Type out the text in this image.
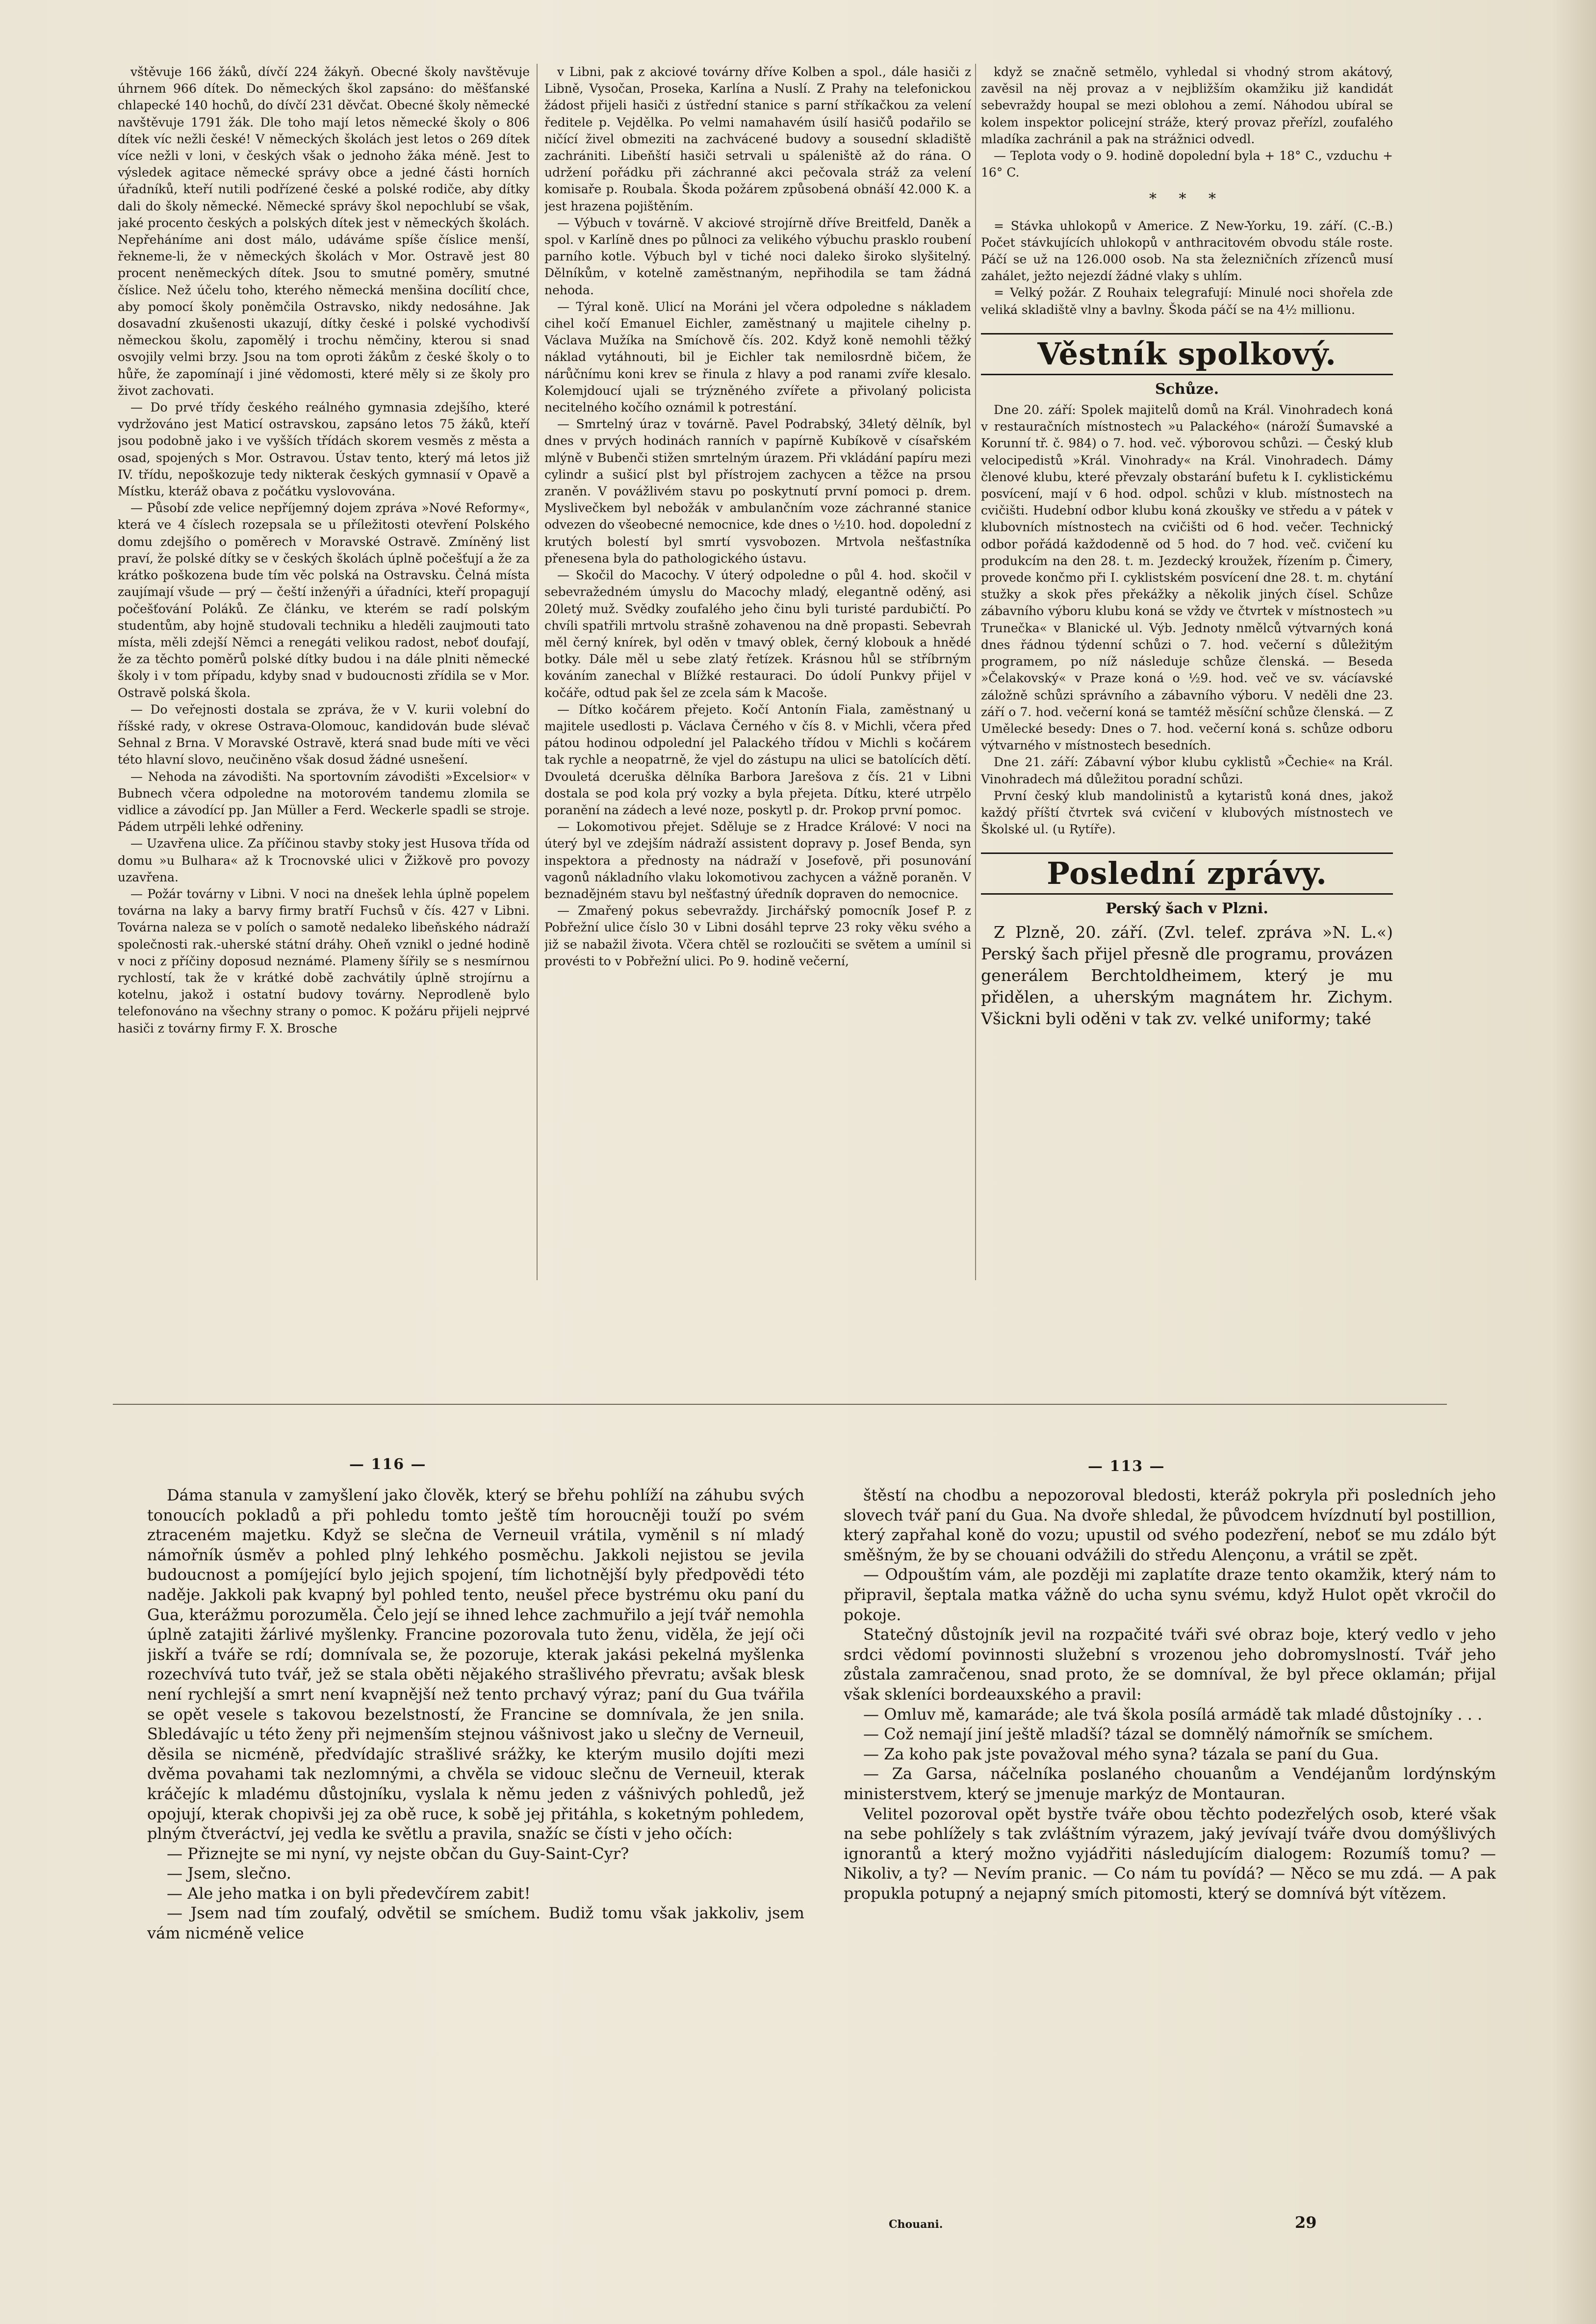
vštěvuje 166 žáků, dívčí 224 žákyň. Obecné školy navštěvuje úhrnem 966 dítek. Do německých škol zapsáno: do měšťanské chlapecké 140 hochů, do dívčí 231 děvčat. Obecné školy německé navštěvuje 1791 žák. Dle toho mají letos německé školy o 806 dítek víc nežli české! V německých školách jest letos o 269 dítek více nežli v loni, v českých však o jednoho žáka méně. Jest to výsledek agitace německé správy obce a jedné části horních úřadníků, kteří nutili podřízené české a polské rodiče, aby dítky dali do školy německé. Německé správy škol nepochlubí se však, jaké procento českých a polských dítek jest v německých školách. Nepřeháníme ani dost málo, udáváme spíše číslice menší, řekneme-li, že v německých školách v Mor. Ostravě jest 80 procent neněmeckých dítek. Jsou to smutné poměry, smutné číslice. Než účelu toho, kterého německá menšina docílití chce, aby pomocí školy poněmčila Ostravsko, nikdy nedosáhne. Jak dosavadní zkušenosti ukazují, dítky české i polské vychodivší německou školu, zapomělý i trochu němčiny, kterou si snad osvojily velmi brzy. Jsou na tom oproti žákům z české školy o to hůře, že zapomínají i jiné vědomosti, které měly si ze školy pro život zachovati.

— Do prvé třídy českého reálného gymnasia zdejšího, které vydržováno jest Maticí ostravskou, zapsáno letos 75 žáků, kteří jsou podobně jako i ve vyšších třídách skorem vesměs z města a osad, spojených s Mor. Ostravou. Ústav tento, který má letos již IV. třídu, nepoškozuje tedy nikterak českých gymnasií v Opavě a Místku, kteráž obava z počátku vyslovována.

— Působí zde velice nepříjemný dojem zpráva »Nové Reformy«, která ve 4 číslech rozepsala se u příležitosti otevření Polského domu zdejšího o poměrech v Moravské Ostravě. Zmíněný list praví, že polské dítky se v českých školách úplně počešťují a že za krátko poškozena bude tím věc polská na Ostravsku. Čelná místa zaujímají všude — prý — čeští inženýři a úřadníci, kteří propagují počešťování Poláků. Ze článku, ve kterém se radí polským studentům, aby hojně studovali techniku a hleděli zaujmouti tato místa, měli zdejší Němci a renegáti velikou radost, neboť doufají, že za těchto poměrů polské dítky budou i na dále plniti německé školy i v tom případu, kdyby snad v budoucnosti zřídila se v Mor. Ostravě polská škola.

— Do veřejnosti dostala se zpráva, že v V. kurii volební do říšské rady, v okrese Ostrava-Olomouc, kandidován bude slévač Sehnal z Brna. V Moravské Ostravě, která snad bude míti ve věci této hlavní slovo, neučiněno však dosud žádné usnešení.

— Nehoda na závodišti. Na sportovním závodišti »Excelsior« v Bubnech včera odpoledne na motorovém tandemu zlomila se vidlice a závodící pp. Jan Müller a Ferd. Weckerle spadli se stroje. Pádem utrpěli lehké odřeniny.

— Uzavřena ulice. Za příčinou stavby stoky jest Husova třída od domu »u Bulhara« až k Trocnovské ulici v Žižkově pro povozy uzavřena.

— Požár továrny v Libni. V noci na dnešek lehla úplně popelem továrna na laky a barvy firmy bratří Fuchsů v čís. 427 v Libni. Továrna naleza se v polích o samotě nedaleko libeňského nádraží společnosti rak.-uherské státní dráhy. Oheň vznikl o jedné hodině v noci z příčiny doposud neznámé. Plameny šířily se s nesmírnou rychlostí, tak že v krátké době zachvátily úplně strojírnu a kotelnu, jakož i ostatní budovy továrny. Neprodleně bylo telefonováno na všechny strany o pomoc. K požáru přijeli nejprvé hasiči z továrny firmy F. X. Brosche

v Libni, pak z akciové továrny dříve Kolben a spol., dále hasiči z Libně, Vysočan, Proseka, Karlína a Nuslí. Z Prahy na telefonickou žádost přijeli hasiči z ústřední stanice s parní stříkačkou za velení ředitele p. Vejdělka. Po velmi namahavém úsilí hasičů podařilo se ničící živel obmeziti na zachvácené budovy a sousední skladiště zachrániti. Libeňští hasiči setrvali u spáleniště až do rána. O udržení pořádku při záchranné akci pečovala stráž za velení komisaře p. Roubala. Škoda požárem způsobená obnáší 42.000 K. a jest hrazena pojištěním.

— Výbuch v továrně. V akciové strojírně dříve Breitfeld, Daněk a spol. v Karlíně dnes po půlnoci za velikého výbuchu prasklo roubení parního kotle. Výbuch byl v tiché noci daleko široko slyšitelný. Dělníkům, v kotelně zaměstnaným, nepřihodila se tam žádná nehoda.

— Týral koně. Ulicí na Moráni jel včera odpoledne s nákladem cihel kočí Emanuel Eichler, zaměstnaný u majitele cihelny p. Václava Mužíka na Smíchově čís. 202. Když koně nemohli těžký náklad vytáhnouti, bil je Eichler tak nemilosrdně bičem, že nárůčnímu koni krev se řinula z hlavy a pod ranami zvíře klesalo. Kolemjdoucí ujali se trýzněného zvířete a přivolaný policista necitelného kočího oznámil k potrestání.

— Smrtelný úraz v továrně. Pavel Podrabský, 34letý dělník, byl dnes v prvých hodinách ranních v papírně Kubíkově v císařském mlýně v Bubenči stižen smrtelným úrazem. Při vkládání papíru mezi cylindr a sušicí plst byl přístrojem zachycen a těžce na prsou zraněn. V povážlivém stavu po poskytnutí první pomoci p. drem. Myslivečkem byl nebožák v ambulančním voze záchranné stanice odvezen do všeobecné nemocnice, kde dnes o ½10. hod. dopolední z krutých bolestí byl smrtí vysvobozen. Mrtvola nešťastníka přenesena byla do pathologického ústavu.

— Skočil do Macochy. V úterý odpoledne o půl 4. hod. skočil v sebevražedném úmyslu do Macochy mladý, elegantně oděný, asi 20letý muž. Svědky zoufalého jeho činu byli turisté pardubičtí. Po chvíli spatřili mrtvolu strašně zohavenou na dně propasti. Sebevrah měl černý knírek, byl oděn v tmavý oblek, černý klobouk a hnědé botky. Dále měl u sebe zlatý řetízek. Krásnou hůl se stříbrným kováním zanechal v Blížké restauraci. Do údolí Punkvy přijel v kočáře, odtud pak šel ze zcela sám k Macoše.

— Dítko kočárem přejeto. Kočí Antonín Fiala, zaměstnaný u majitele usedlosti p. Václava Černého v čís 8. v Michli, včera před pátou hodinou odpolední jel Palackého třídou v Michli s kočárem tak rychle a neopatrně, že vjel do zástupu na ulici se batolících dětí. Dvouletá dceruška dělníka Barbora Jarešova z čís. 21 v Libni dostala se pod kola prý vozky a byla přejeta. Dítku, které utrpělo poranění na zádech a levé noze, poskytl p. dr. Prokop první pomoc.

— Lokomotivou přejet. Sděluje se z Hradce Králové: V noci na úterý byl ve zdejším nádraží assistent dopravy p. Josef Benda, syn inspektora a přednosty na nádraží v Josefově, při posunování vagonů nákladního vlaku lokomotivou zachycen a vážně poraněn. V beznadějném stavu byl nešťastný úředník dopraven do nemocnice.

— Zmařený pokus sebevraždy. Jirchářský pomocník Josef P. z Pobřežní ulice číslo 30 v Libni dosáhl teprve 23 roky věku svého a již se nabažil života. Včera chtěl se rozloučiti se světem a umínil si provésti to v Pobřežní ulici. Po 9. hodině večerní,

když se značně setmělo, vyhledal si vhodný strom akátový, zavěsil na něj provaz a v nejbližším okamžiku již kandidát sebevraždy houpal se mezi oblohou a zemí. Náhodou ubíral se kolem inspektor policejní stráže, který provaz přeřízl, zoufalého mladíka zachránil a pak na strážnici odvedl.

— Teplota vody o 9. hodině dopolední byla + 18° C., vzduchu + 16° C.

* * *

= Stávka uhlokopů v Americe. Z New-Yorku, 19. září. (C.-B.) Počet stávkujících uhlokopů v anthracitovém obvodu stále roste. Páčí se už na 126.000 osob. Na sta železničních zřízenců musí zahálet, ježto nejezdí žádné vlaky s uhlím.

= Velký požár. Z Rouhaix telegrafují: Minulé noci shořela zde veliká skladiště vlny a bavlny. Škoda páčí se na 4½ millionu.

Věstník spolkový.
Schůze.

Dne 20. září: Spolek majitelů domů na Král. Vinohradech koná v restauračních místnostech »u Palackého« (nároží Šumavské a Korunní tř. č. 984) o 7. hod. več. výborovou schůzi. — Český klub velocipedistů »Král. Vinohrady« na Král. Vinohradech. Dámy členové klubu, které převzaly obstarání bufetu k I. cyklistickému posvícení, mají v 6 hod. odpol. schůzi v klub. místnostech na cvičišti. Hudební odbor klubu koná zkoušky ve středu a v pátek v klubovních místnostech na cvičišti od 6 hod. večer. Technický odbor pořádá každodenně od 5 hod. do 7 hod. več. cvičení ku produkcím na den 28. t. m. Jezdecký kroužek, řízením p. Čimery, provede končmo při I. cyklistském posvícení dne 28. t. m. chytání stužky a skok přes překážky a několik jiných čísel. Schůze zábavního výboru klubu koná se vždy ve čtvrtek v místnostech »u Trunečka« v Blanické ul. Výb. Jednoty nmělců výtvarných koná dnes řádnou týdenní schůzi o 7. hod. večerní s důležitým programem, po níž následuje schůze členská. — Beseda »Čelakovský« v Praze koná o ½9. hod. več ve sv. vácíavské záložně schůzi správního a zábavního výboru. V neděli dne 23. září o 7. hod. večerní koná se tamtéž měsíční schůze členská. — Z Umělecké besedy: Dnes o 7. hod. večerní koná s. schůze odboru výtvarného v místnostech besedních.

Dne 21. září: Zábavní výbor klubu cyklistů »Čechie« na Král. Vinohradech má důležitou poradní schůzi.

První český klub mandolinistů a kytaristů koná dnes, jakož každý příští čtvrtek svá cvičení v klubových místnostech ve Školské ul. (u Rytíře).

Poslední zprávy.
Perský šach v Plzni.

Z Plzně, 20. září. (Zvl. telef. zpráva »N. L.«) Perský šach přijel přesně dle programu, provázen generálem Berchtoldheimem, který je mu přidělen, a uherským magnátem hr. Zichym. Všickni byli oděni v tak zv. velké uniformy; také

— 116 —	— 113 —

Dáma stanula v zamyšlení jako člověk, který se břehu pohlíží na záhubu svých tonoucích pokladů a při pohledu tomto ještě tím horoucněji touží po svém ztraceném majetku. Když se slečna de Verneuil vrátila, vyměnil s ní mladý námořník úsměv a pohled plný lehkého posměchu. Jakkoli nejistou se jevila budoucnost a pomíjející bylo jejich spojení, tím lichotnější byly předpovědi této naděje. Jakkoli pak kvapný byl pohled tento, neušel přece bystrému oku paní du Gua, kterážmu porozuměla. Čelo její se ihned lehce zachmuřilo a její tvář nemohla úplně zatajiti žárlivé myšlenky. Francine pozorovala tuto ženu, viděla, že její oči jiskří a tváře se rdí; domnívala se, že pozoruje, kterak jakási pekelná myšlenka rozechvívá tuto tvář, jež se stala oběti nějakého strašlivého převratu; avšak blesk není rychlejší a smrt není kvapnější než tento prchavý výraz; paní du Gua tvářila se opět vesele s takovou bezelstností, že Francine se domnívala, že jen snila. Sbledávajíc u této ženy při nejmenším stejnou vášnivost jako u slečny de Verneuil, děsila se nicméně, předvídajíc strašlivé srážky, ke kterým musilo dojíti mezi dvěma povahami tak nezlomnými, a chvěla se vidouc slečnu de Verneuil, kterak kráčejíc k mladému důstojníku, vyslala k němu jeden z vášnivých pohledů, jež opojují, kterak chopivši jej za obě ruce, k sobě jej přitáhla, s koketným pohledem, plným čtveráctví, jej vedla ke světlu a pravila, snažíc se čísti v jeho očích:

— Přiznejte se mi nyní, vy nejste občan du Guy-Saint-Cyr?

— Jsem, slečno.

— Ale jeho matka i on byli předevčírem zabit!

— Jsem nad tím zoufalý, odvětil se smíchem. Budiž tomu však jakkoliv, jsem vám nicméně velice

štěstí na chodbu a nepozoroval bledosti, kteráž pokryla při posledních jeho slovech tvář paní du Gua. Na dvoře shledal, že původcem hvízdnutí byl postillion, který zapřahal koně do vozu; upustil od svého podezření, neboť se mu zdálo být směšným, že by se chouani odvážili do středu Alençonu, a vrátil se zpět.

— Odpouštím vám, ale později mi zaplatíte draze tento okamžik, který nám to připravil, šeptala matka vážně do ucha synu svému, když Hulot opět vkročil do pokoje.

Statečný důstojník jevil na rozpačité tváři své obraz boje, který vedlo v jeho srdci vědomí povinnosti služební s vrozenou jeho dobromyslností. Tvář jeho zůstala zamračenou, snad proto, že se domníval, že byl přece oklamán; přijal však skleníci bordeauxského a pravil:

— Omluv mě, kamaráde; ale tvá škola posílá armádě tak mladé důstojníky . . .

— Což nemají jiní ještě mladší? tázal se domnělý námořník se smíchem.

— Za koho pak jste považoval mého syna? tázala se paní du Gua.

— Za Garsa, náčelníka poslaného chouanům a Vendéjanům lordýnským ministerstvem, který se jmenuje markýz de Montauran.

Velitel pozoroval opět bystře tváře obou těchto podezřelých osob, které však na sebe pohlížely s tak zvláštním výrazem, jaký jevívají tváře dvou domýšlivých ignorantů a který možno vyjádřiti následujícím dialogem: Rozumíš tomu? — Nikoliv, a ty? — Nevím pranic. — Co nám tu povídá? — Něco se mu zdá. — A pak propukla potupný a nejapný smích pitomosti, který se domnívá být vítězem.

Chouani.	29
